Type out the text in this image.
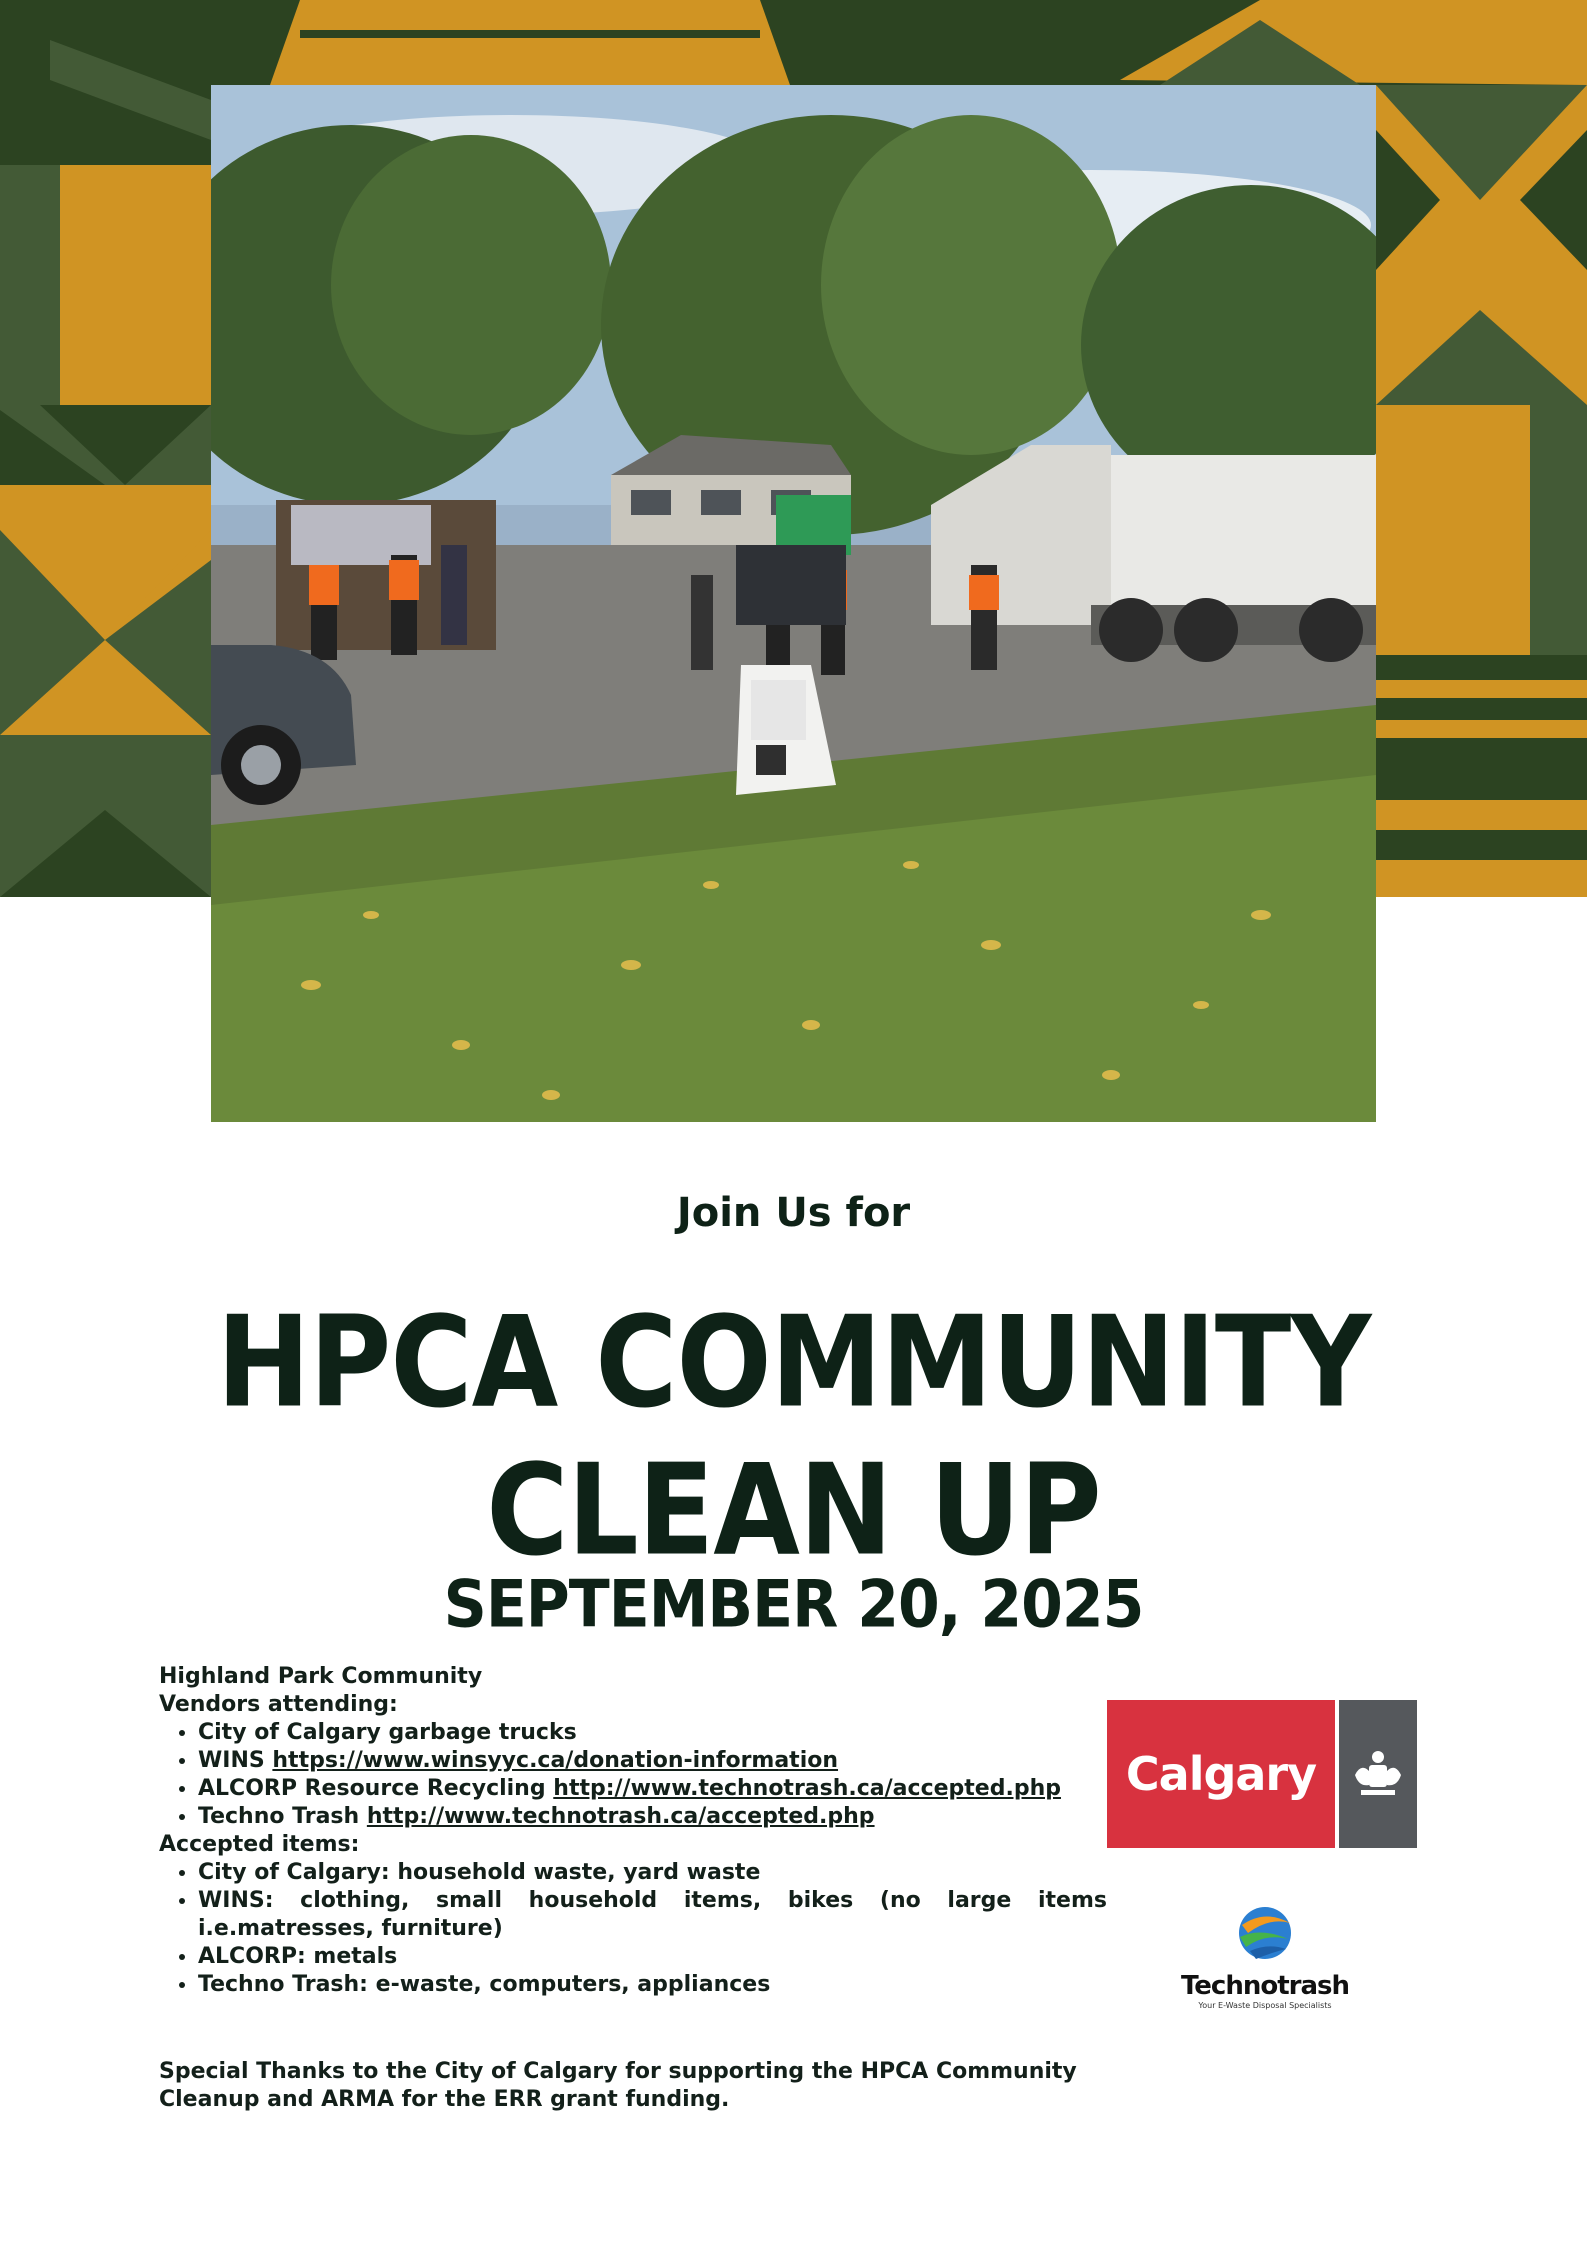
Join Us for
HPCA COMMUNITY
CLEAN UP
SEPTEMBER 20, 2025

Highland Park Community

Vendors attending:

• City of Calgary garbage trucks
• WINS https://www.winsyyc.ca/donation-information
• ALCORP Resource Recycling http://www.technotrash.ca/accepted.php
• Techno Trash http://www.technotrash.ca/accepted.php

Accepted items:

• City of Calgary: household waste, yard waste
• WINS: clothing, small household items, bikes (no large items i.e.matresses, furniture)
• ALCORP: metals
• Techno Trash: e-waste, computers, appliances
Special Thanks to the City of Calgary for supporting the HPCA Community Cleanup and ARMA for the ERR grant funding.
Calgary
Technotrash
Your E-Waste Disposal Specialists
